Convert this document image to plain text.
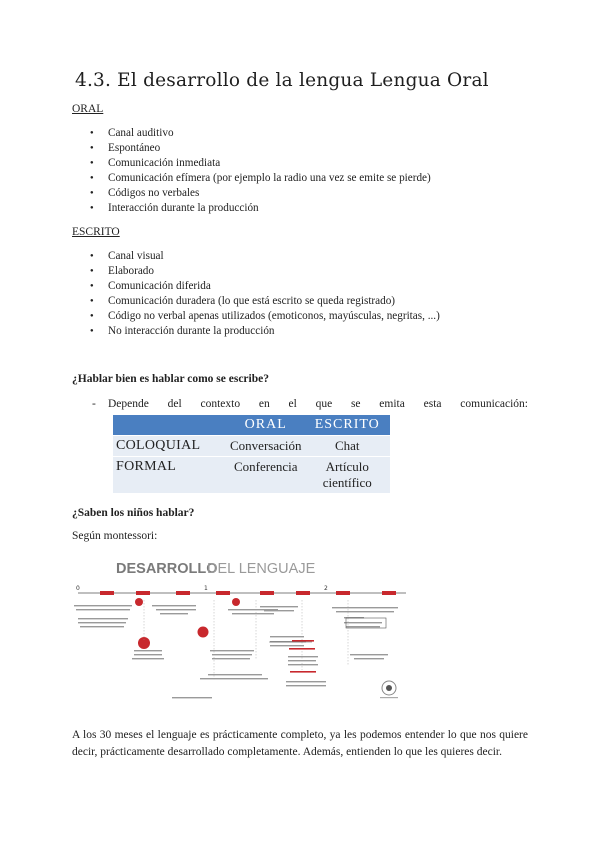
4.3. El desarrollo de la lengua Lengua Oral

ORAL

● Canal auditivo
● Espontáneo
● Comunicación inmediata
● Comunicación efímera (por ejemplo la radio una vez se emite se pierde)
● Códigos no verbales
● Interacción durante la producción

ESCRITO

● Canal visual
● Elaborado
● Comunicación diferida
● Comunicación duradera (lo que está escrito se queda registrado)
● Código no verbal apenas utilizados (emoticonos, mayúsculas, negritas, ...)
● No interacción durante la producción

¿Hablar bien es hablar como se escribe?

- Depende del contexto en el que se emita esta comunicación:
	ORAL	ESCRITO
COLOQUIAL	Conversación	Chat
FORMAL	Conferencia	Artículo científico

¿Saben los niños hablar?

Según montessori:

DESARROLLO
DEL LENGUAJE
0	1	2
A los 30 meses el lenguaje es prácticamente completo, ya les podemos entender lo que nos quiere decir, prácticamente desarrollado completamente. Además, entienden lo que les quieres decir.
